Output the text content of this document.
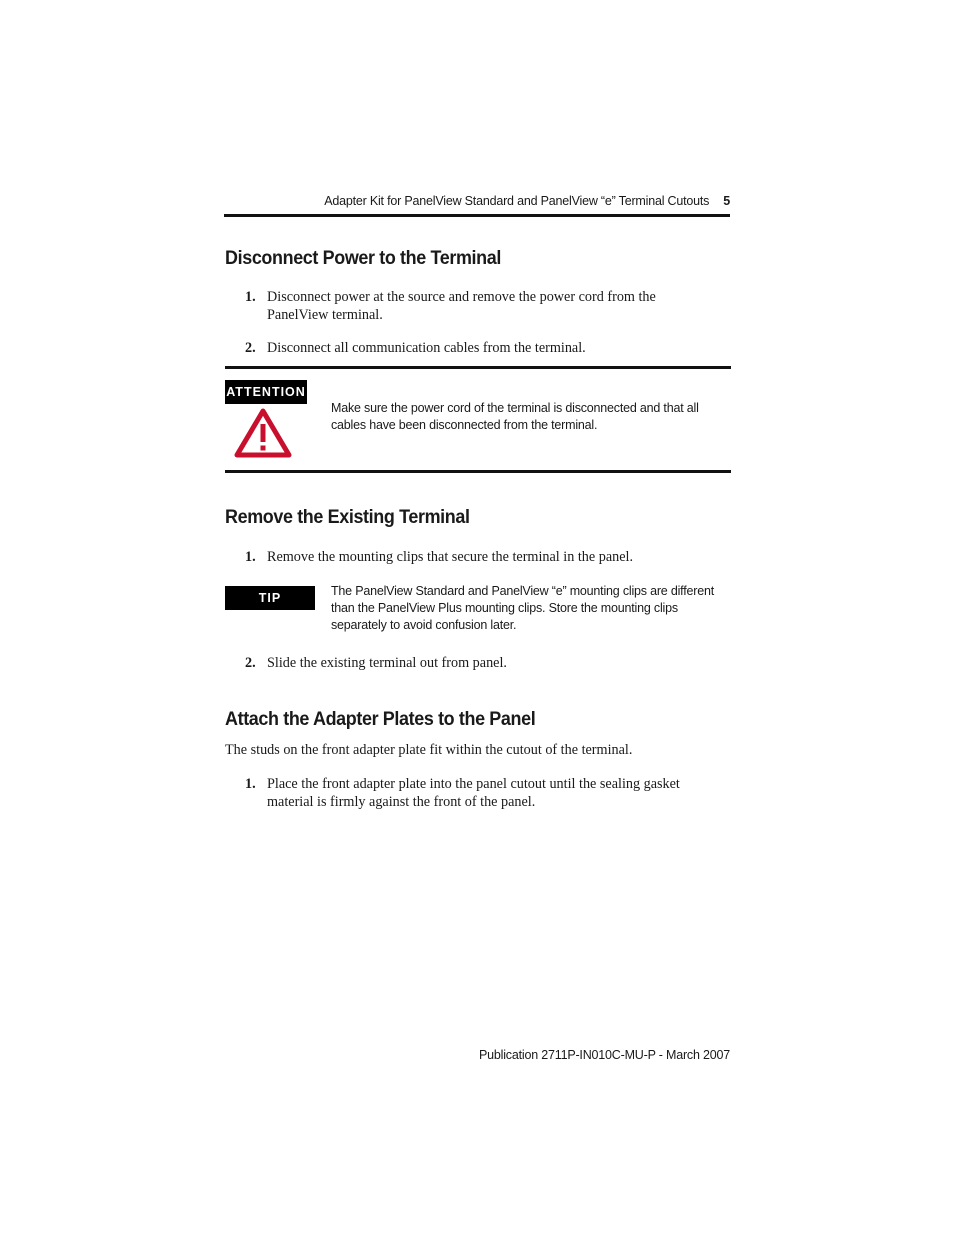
Adapter Kit for PanelView Standard and PanelView “e” Terminal Cutouts 5
Disconnect Power to the Terminal
1. Disconnect power at the source and remove the power cord from the PanelView terminal.
2. Disconnect all communication cables from the terminal.
ATTENTION
Make sure the power cord of the terminal is disconnected and that all cables have been disconnected from the terminal.
Remove the Existing Terminal
1. Remove the mounting clips that secure the terminal in the panel.
TIP	The PanelView Standard and PanelView “e” mounting clips are different than the PanelView Plus mounting clips. Store the mounting clips separately to avoid confusion later.
2. Slide the existing terminal out from panel.
Attach the Adapter Plates to the Panel
The studs on the front adapter plate fit within the cutout of the terminal.
1. Place the front adapter plate into the panel cutout until the sealing gasket material is firmly against the front of the panel.
Publication 2711P-IN010C-MU-P - March 2007
